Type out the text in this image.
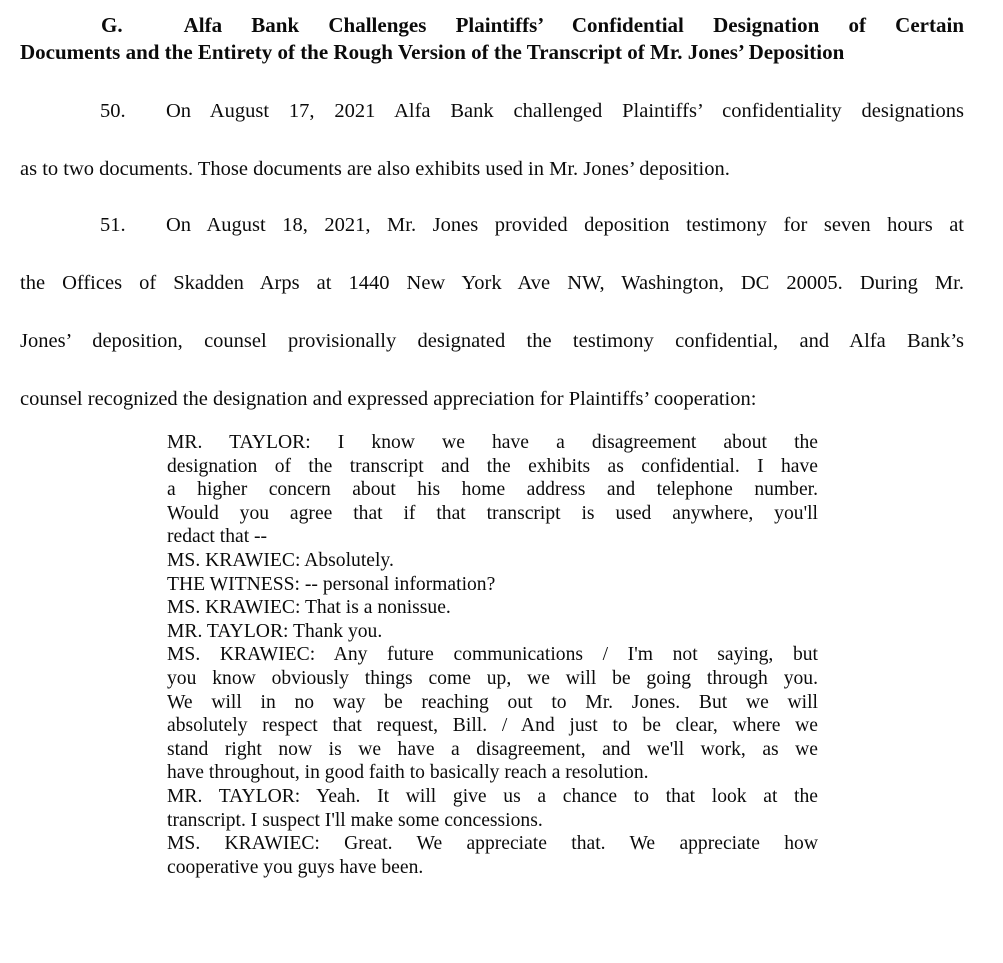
G.	Alfa Bank Challenges Plaintiffs’ Confidential Designation of Certain
Documents and the Entirety of the Rough Version of the Transcript of Mr. Jones’ Deposition
50. On August 17, 2021 Alfa Bank challenged Plaintiffs’ confidentiality designations
as to two documents. Those documents are also exhibits used in Mr. Jones’ deposition.
51. On August 18, 2021, Mr. Jones provided deposition testimony for seven hours at
the Offices of Skadden Arps at 1440 New York Ave NW, Washington, DC 20005. During Mr.
Jones’ deposition, counsel provisionally designated the testimony confidential, and Alfa Bank’s
counsel recognized the designation and expressed appreciation for Plaintiffs’ cooperation:
MR. TAYLOR: I know we have a disagreement about the
designation of the transcript and the exhibits as confidential. I have
a higher concern about his home address and telephone number.
Would you agree that if that transcript is used anywhere, you'll
redact that --
MS. KRAWIEC: Absolutely.
THE WITNESS: -- personal information?
MS. KRAWIEC: That is a nonissue.
MR. TAYLOR: Thank you.
MS. KRAWIEC: Any future communications / I'm not saying, but
you know obviously things come up, we will be going through you.
We will in no way be reaching out to Mr. Jones. But we will
absolutely respect that request, Bill. / And just to be clear, where we
stand right now is we have a disagreement, and we'll work, as we
have throughout, in good faith to basically reach a resolution.
MR. TAYLOR: Yeah. It will give us a chance to that look at the
transcript. I suspect I'll make some concessions.
MS. KRAWIEC: Great. We appreciate that. We appreciate how
cooperative you guys have been.
